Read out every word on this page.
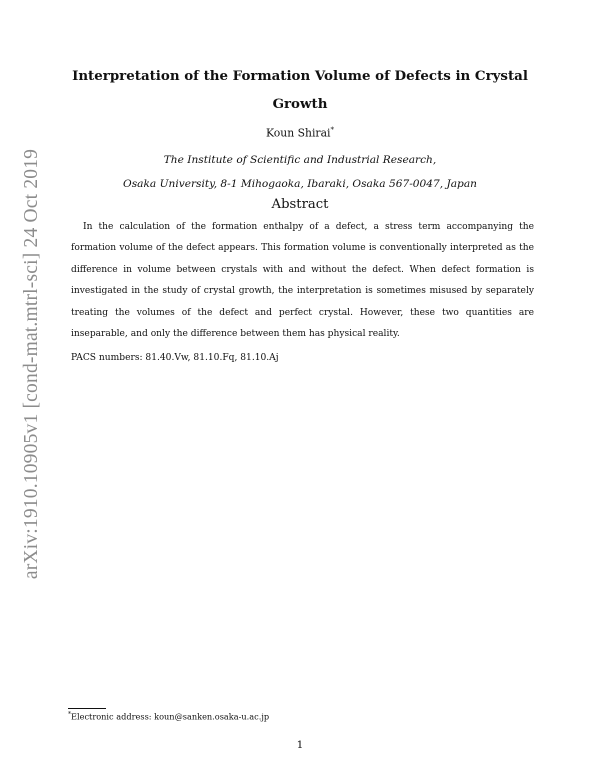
arXiv:1910.10905v1 [cond-mat.mtrl-sci] 24 Oct 2019
Interpretation of the Formation Volume of Defects in Crystal Growth
Koun Shirai*
The Institute of Scientific and Industrial Research,
Osaka University, 8-1 Mihogaoka, Ibaraki, Osaka 567-0047, Japan
Abstract

In the calculation of the formation enthalpy of a defect, a stress term accompanying the formation volume of the defect appears. This formation volume is conventionally interpreted as the difference in volume between crystals with and without the defect. When defect formation is investigated in the study of crystal growth, the interpretation is sometimes misused by separately treating the volumes of the defect and perfect crystal. However, these two quantities are inseparable, and only the difference between them has physical reality.

PACS numbers: 81.40.Vw, 81.10.Fq, 81.10.Aj
*Electronic address: koun@sanken.osaka-u.ac.jp
1
